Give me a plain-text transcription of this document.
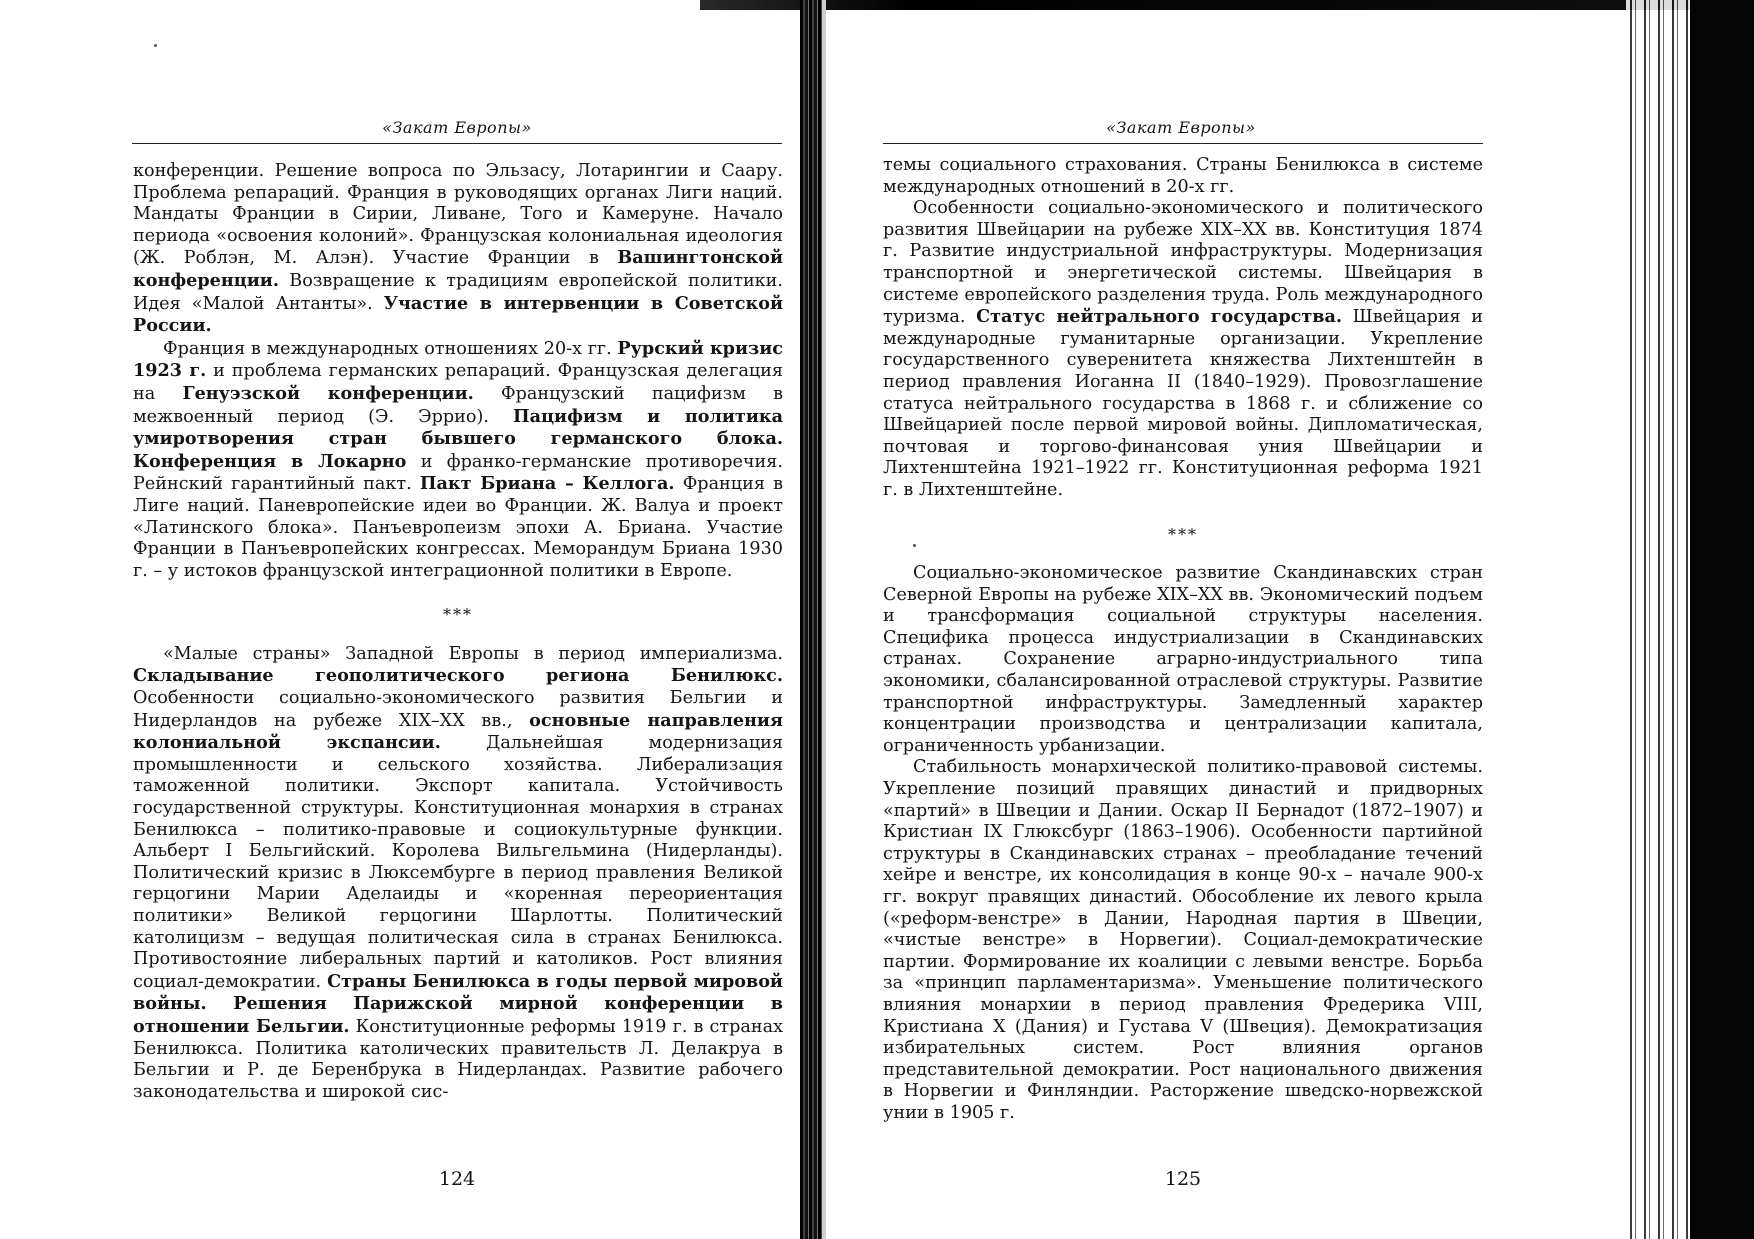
«Закат Европы»

конференции. Решение вопроса по Эльзасу, Лотарингии и Саару. Проблема репараций. Франция в руководящих органах Лиги наций. Мандаты Франции в Сирии, Ливане, Того и Камеруне. Начало периода «освоения колоний». Французская колониальная идеология (Ж. Роблэн, М. Алэн). Участие Франции в Вашингтонской конференции. Возвращение к традициям европейской политики. Идея «Малой Антанты». Участие в интервенции в Советской России.

Франция в международных отношениях 20-х гг. Рурский кризис 1923 г. и проблема германских репараций. Французская делегация на Генуэзской конференции. Французский пацифизм в межвоенный период (Э. Эррио). Пацифизм и политика умиротворения стран бывшего германского блока. Конференция в Локарно и франко-германские противоречия. Рейнский гарантийный пакт. Пакт Бриана – Келлога. Франция в Лиге наций. Паневропейские идеи во Франции. Ж. Валуа и проект «Латинского блока». Панъевропеизм эпохи А. Бриана. Участие Франции в Панъевропейских конгрессах. Меморандум Бриана 1930 г. – у истоков французской интеграционной политики в Европе.

***

«Малые страны» Западной Европы в период империализма. Складывание геополитического региона Бенилюкс. Особенности социально-экономического развития Бельгии и Нидерландов на рубеже XIX–XX вв., основные направления колониальной экспансии. Дальнейшая модернизация промышленности и сельского хозяйства. Либерализация таможенной политики. Экспорт капитала. Устойчивость государственной структуры. Конституционная монархия в странах Бенилюкса – политико-правовые и социокультурные функции. Альберт I Бельгийский. Королева Вильгельмина (Нидерланды). Политический кризис в Люксембурге в период правления Великой герцогини Марии Аделаиды и «коренная переориентация политики» Великой герцогини Шарлотты. Политический католицизм – ведущая политическая сила в странах Бенилюкса. Противостояние либеральных партий и католиков. Рост влияния социал-демократии. Страны Бенилюкса в годы первой мировой войны. Решения Парижской мирной конференции в отношении Бельгии. Конституционные реформы 1919 г. в странах Бенилюкса. Политика католических правительств Л. Делакруа в Бельгии и Р. де Беренбрука в Нидерландах. Развитие рабочего законодательства и широкой сис-

124
«Закат Европы»

темы социального страхования. Страны Бенилюкса в системе международных отношений в 20-х гг.

Особенности социально-экономического и политического развития Швейцарии на рубеже XIX–XX вв. Конституция 1874 г. Развитие индустриальной инфраструктуры. Модернизация транспортной и энергетической системы. Швейцария в системе европейского разделения труда. Роль международного туризма. Статус нейтрального государства. Швейцария и международные гуманитарные организации. Укрепление государственного суверенитета княжества Лихтенштейн в период правления Иоганна II (1840–1929). Провозглашение статуса нейтрального государства в 1868 г. и сближение со Швейцарией после первой мировой войны. Дипломатическая, почтовая и торгово-финансовая уния Швейцарии и Лихтенштейна 1921–1922 гг. Конституционная реформа 1921 г. в Лихтенштейне.

***

Социально-экономическое развитие Скандинавских стран Северной Европы на рубеже XIX–XX вв. Экономический подъем и трансформация социальной структуры населения. Специфика процесса индустриализации в Скандинавских странах. Сохранение аграрно-индустриального типа экономики, сбалансированной отраслевой структуры. Развитие транспортной инфраструктуры. Замедленный характер концентрации производства и централизации капитала, ограниченность урбанизации.

Стабильность монархической политико-правовой системы. Укрепление позиций правящих династий и придворных «партий» в Швеции и Дании. Оскар II Бернадот (1872–1907) и Кристиан IX Глюксбург (1863–1906). Особенности партийной структуры в Скандинавских странах – преобладание течений хейре и венстре, их консолидация в конце 90-х – начале 900-х гг. вокруг правящих династий. Обособление их левого крыла («реформ-венстре» в Дании, Народная партия в Швеции, «чистые венстре» в Норвегии). Социал-демократические партии. Формирование их коалиции с левыми венстре. Борьба за «принцип парламентаризма». Уменьшение политического влияния монархии в период правления Фредерика VIII, Кристиана X (Дания) и Густава V (Швеция). Демократизация избирательных систем. Рост влияния органов представительной демократии. Рост национального движения в Норвегии и Финляндии. Расторжение шведско-норвежской унии в 1905 г.

125
